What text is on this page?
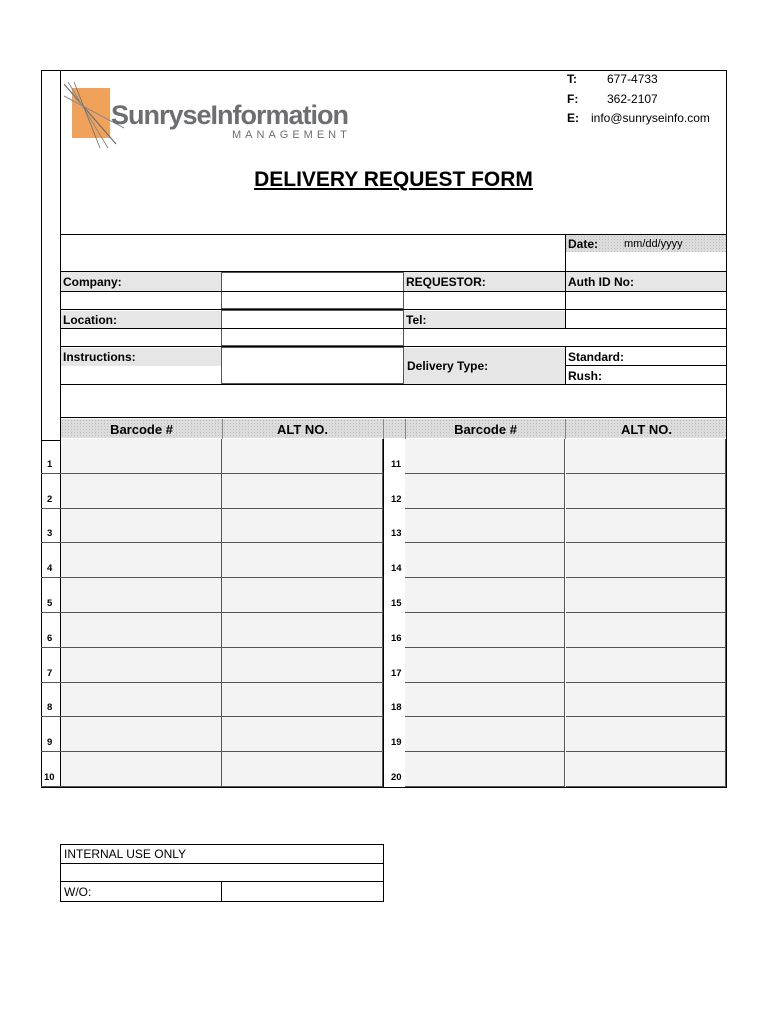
SunryseInformation
MANAGEMENT
T:	677-4733
F: 362-2107
E: info@sunryseinfo.com
DELIVERY REQUEST FORM
Date: mm/dd/yyyy
Company:	REQUESTOR:	Auth ID No:
Location:	Tel:
Instructions:
Delivery Type:
Standard:
Rush:
Barcode #	ALT NO.	Barcode #	ALT NO.
1	11
2	12
3	13
4	14
5	15
6	16
7	17
8	18
9	19
10	20
INTERNAL USE ONLY
W/O:
